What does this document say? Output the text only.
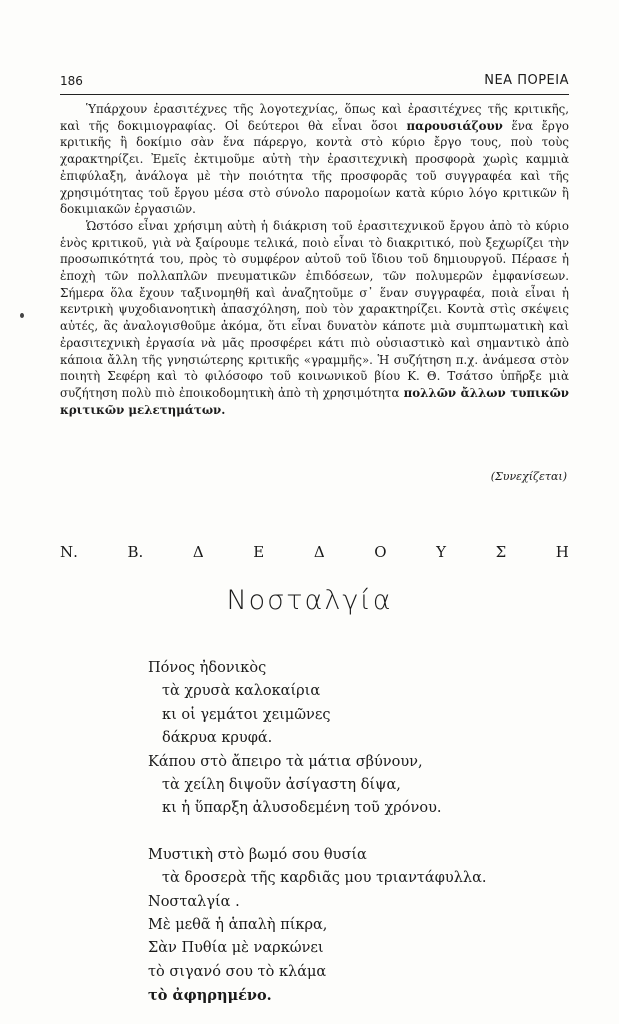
186	ΝΕΑ ΠΟΡΕΙΑ

Ὑπάρχουν ἐρασιτέχνες τῆς λογοτεχνίας, ὅπως καὶ ἐρασιτέχνες τῆς κριτικῆς, καὶ τῆς δοκιμιογραφίας. Οἱ δεύτεροι θὰ εἶναι ὅσοι παρουσιάζουν ἕνα ἔργο κριτικῆς ἢ δοκίμιο σὰν ἕνα πάρεργο, κοντὰ στὸ κύριο ἔργο τους, ποὺ τοὺς χαρακτηρίζει. Ἐμεῖς ἐκτιμοῦμε αὐτὴ τὴν ἐρασιτεχνικὴ προσφορὰ χωρὶς καμμιὰ ἐπιφύλαξη, ἀνάλογα μὲ τὴν ποιότητα τῆς προσφορᾶς τοῦ συγγραφέα καὶ τῆς χρησιμότητας τοῦ ἔργου μέσα στὸ σύνολο παρομοίων κατὰ κύριο λόγο κριτικῶν ἢ δοκιμιακῶν ἐργασιῶν.

Ὡστόσο εἶναι χρήσιμη αὐτὴ ἡ διάκριση τοῦ ἐρασιτεχνικοῦ ἔργου ἀπὸ τὸ κύριο ἑνὸς κριτικοῦ, γιὰ νὰ ξαίρουμε τελικά, ποιὸ εἶναι τὸ διακριτικό, ποὺ ξεχωρίζει τὴν προσωπικότητά του, πρὸς τὸ συμφέρον αὐτοῦ τοῦ ἴδιου τοῦ δημιουργοῦ. Πέρασε ἡ ἐποχὴ τῶν πολλαπλῶν πνευματικῶν ἐπιδόσεων, τῶν πολυμερῶν ἐμφανίσεων. Σήμερα ὅλα ἔχουν ταξινομηθῆ καὶ ἀναζητοῦμε σ᾽ ἕναν συγγραφέα, ποιὰ εἶναι ἡ κεντρικὴ ψυχοδιανοητικὴ ἀπασχόληση, ποὺ τὸν χαρακτηρίζει. Κοντὰ στὶς σκέψεις αὐτές, ἂς ἀναλογισθοῦμε ἀκόμα, ὅτι εἶναι δυνατὸν κάποτε μιὰ συμπτωματικὴ καὶ ἐρασιτεχνικὴ ἐργασία νὰ μᾶς προσφέρει κάτι πιὸ οὐσιαστικὸ καὶ σημαντικὸ ἀπὸ κάποια ἄλλη τῆς γνησιώτερης κριτικῆς «γραμμῆς». Ἡ συζήτηση π.χ. ἀνάμεσα στὸν ποιητὴ Σεφέρη καὶ τὸ φιλόσοφο τοῦ κοινωνικοῦ βίου Κ. Θ. Τσάτσο ὑπῆρξε μιὰ συζήτηση πολὺ πιὸ ἐποικοδομητικὴ ἀπὸ τὴ χρησιμότητα πολλῶν ἄλλων τυπικῶν κριτικῶν μελετημάτων.

(Συνεχίζεται)
Ν.	Β.	Δ	Ε	Δ	Ο	Υ	Σ	Η
Νοσταλγία
Πόνος ἠδονικὸς
τὰ χρυσὰ καλοκαίρια
κι οἱ γεμάτοι χειμῶνες
δάκρυα κρυφά.
Κάπου στὸ ἄπειρο τὰ μάτια σβύνουν,
τὰ χείλη διψοῦν ἀσίγαστη δίψα,
κι ἡ ὕπαρξη ἀλυσοδεμένη τοῦ χρόνου.
Μυστικὴ στὸ βωμό σου θυσία
τὰ δροσερὰ τῆς καρδιᾶς μου τριαντάφυλλα.
Νοσταλγία .
Μὲ μεθᾶ ἡ ἁπαλὴ πίκρα,
Σὰν Πυθία μὲ ναρκώνει
τὸ σιγανό σου τὸ κλάμα
τὸ ἀφηρημένο.
